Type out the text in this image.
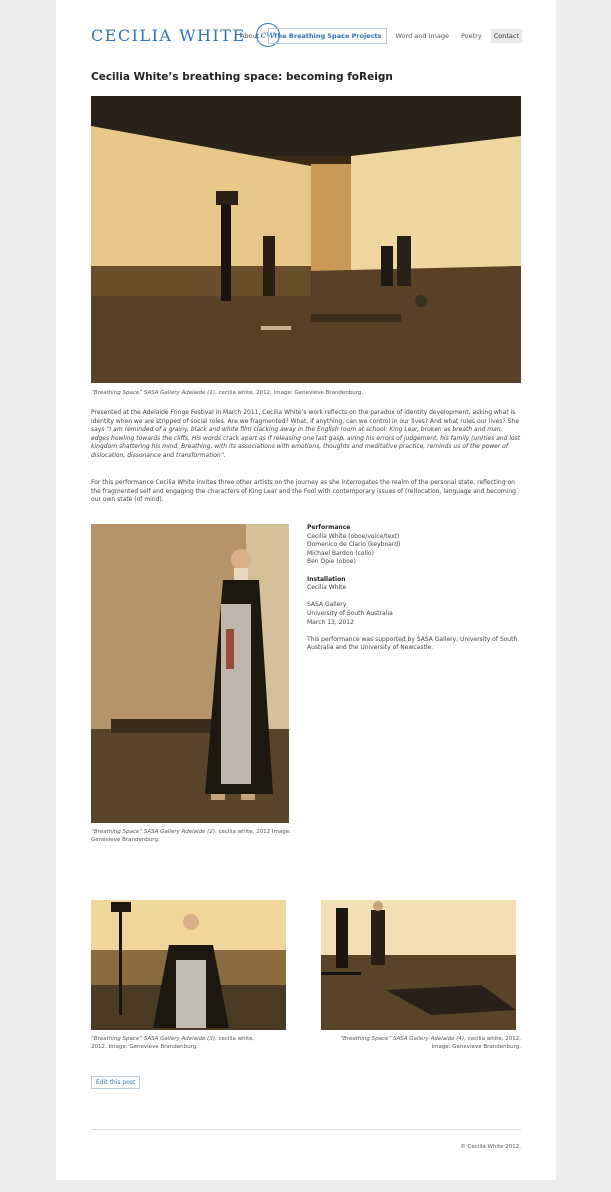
CECILIA WHITE	cw
About	The Breathing Space Projects	Word and Image	Poetry	Contact
Cecilia White’s breathing space: becoming foReign
“Breathing Space” SASA Gallery Adelaide (1), cecilia white, 2012. Image: Genevieve Brandenburg.
Presented at the Adelaide Fringe Festival in March 2011, Cecilia White’s work reflects on the paradox of identity development, asking what is identity when we are stripped of social roles. Are we fragmented? What, if anything, can we control in our lives? And what rules our lives? She says “I am reminded of a grainy, black and white film clacking away in the English room at school: King Lear, broken as breath and man, edges howling towards the cliffs. His words crack apart as if releasing one last gasp, airing his errors of judgement, his family (un)ties and lost kingdom shattering his mind. Breathing, with its associations with emotions, thoughts and meditative practice, reminds us of the power of dislocation, dissonance and transformation”.
For this performance Cecilia White invites three other artists on the journey as she interrogates the realm of the personal state, reflecting on the fragmented self and engaging the characters of King Lear and the Fool with contemporary issues of (re)location, language and becoming our own state (of mind).
“Breathing Space” SASA Gallery Adelaide (2), cecilia white, 2012 Image: Genevieve Brandenburg.
Performance
Cecilia White (oboe/voice/text)
Domenico de Clario (keyboard)
Michael Bardon (cello)
Ben Opie (oboe)
Installation
Cecilia White
SASA Gallery
University of South Australia
March 13, 2012
This performance was supported by SASA Gallery, University of South Australia and the University of Newcastle.
“Breathing Space” SASA Gallery Adelaide (3), cecilia white, 2012. Image: Genevieve Brandenburg.
“Breathing Space” SASA Gallery Adelaide (4), cecilia white, 2012. Image: Genevieve Brandenburg.
Edit this post
© Cecilia White 2012.
